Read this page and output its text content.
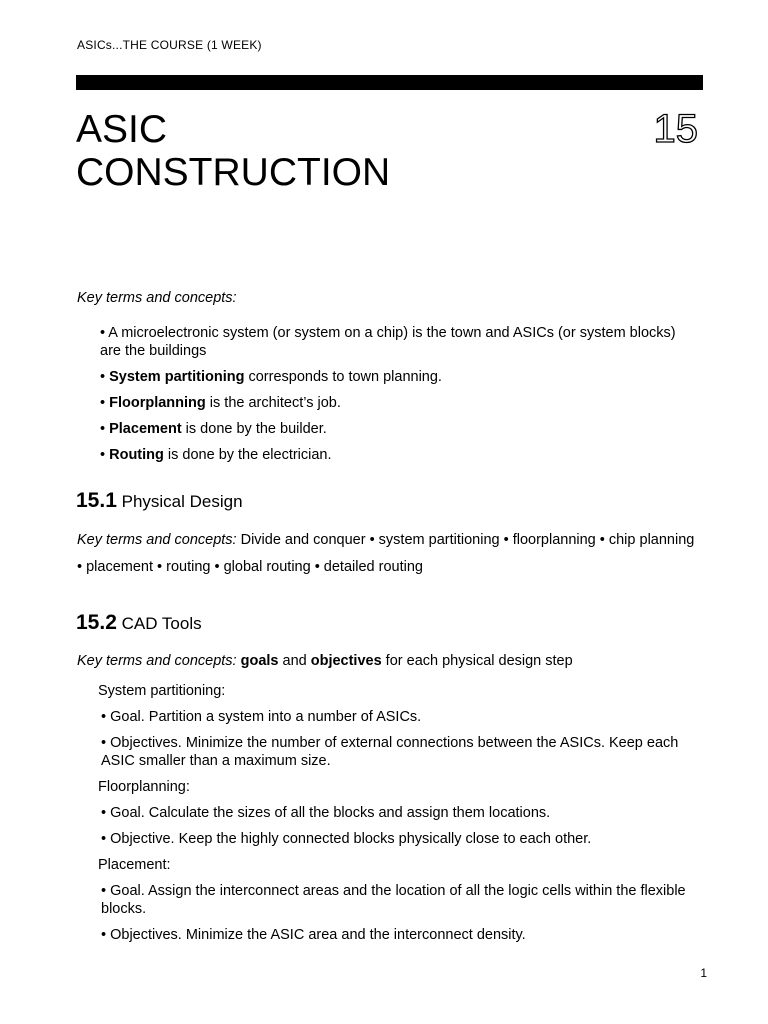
ASICs...THE COURSE (1 WEEK)
ASIC
CONSTRUCTION
15
Key terms and concepts:
• A microelectronic system (or system on a chip) is the town and ASICs (or system blocks) are the buildings
• System partitioning corresponds to town planning.
• Floorplanning is the architect’s job.
• Placement is done by the builder.
• Routing is done by the electrician.
15.1 Physical Design
Key terms and concepts: Divide and conquer • system partitioning • floorplanning • chip planning
• placement • routing • global routing • detailed routing
15.2 CAD Tools
Key terms and concepts: goals and objectives for each physical design step
System partitioning:
• Goal. Partition a system into a number of ASICs.
• Objectives. Minimize the number of external connections between the ASICs. Keep each ASIC smaller than a maximum size.
Floorplanning:
• Goal. Calculate the sizes of all the blocks and assign them locations.
• Objective. Keep the highly connected blocks physically close to each other.
Placement:
• Goal. Assign the interconnect areas and the location of all the logic cells within the flexible blocks.
• Objectives. Minimize the ASIC area and the interconnect density.
1
